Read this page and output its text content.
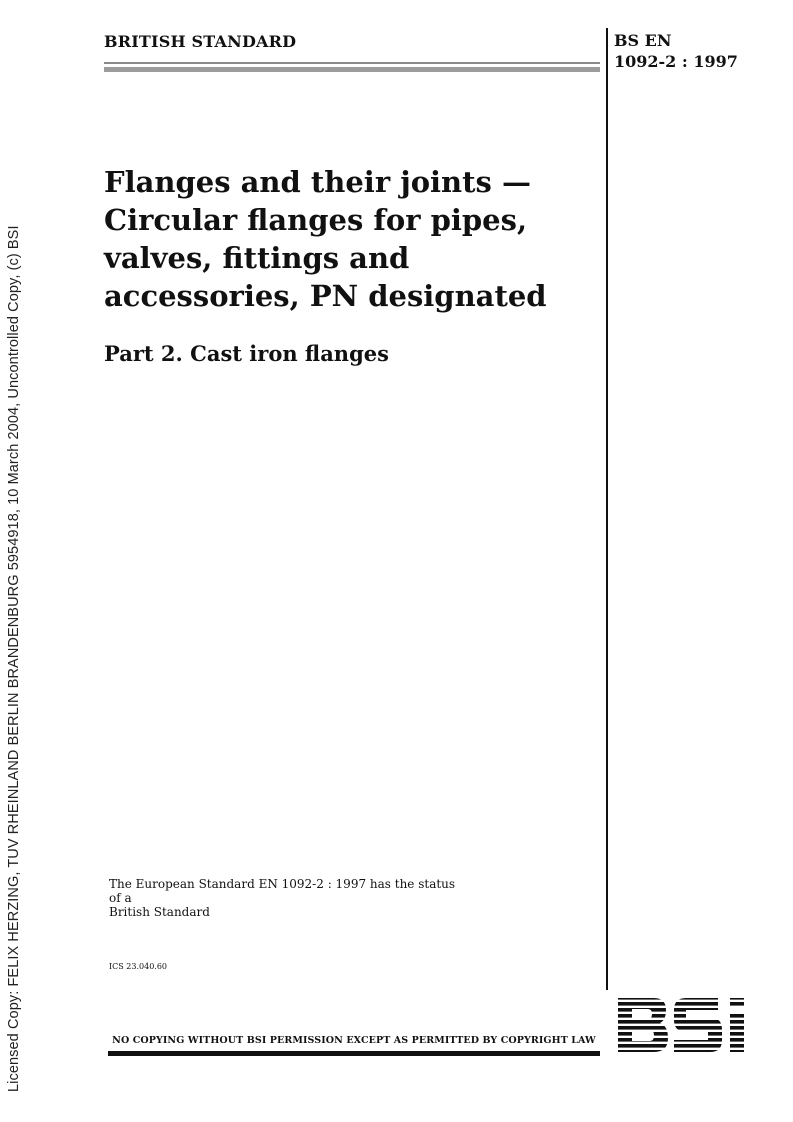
Licensed Copy: FELIX HERZING, TUV RHEINLAND BERLIN BRANDENBURG 5954918, 10 March 2004, Uncontrolled Copy, (c) BSI
BRITISH STANDARD	BS EN
1092-2 : 1997
Flanges and their joints —
Circular flanges for pipes,
valves, fittings and
accessories, PN designated
Part 2. Cast iron flanges
The European Standard EN 1092-2 : 1997 has the status of a
British Standard
ICS 23.040.60
NO COPYING WITHOUT BSI PERMISSION EXCEPT AS PERMITTED BY COPYRIGHT LAW
